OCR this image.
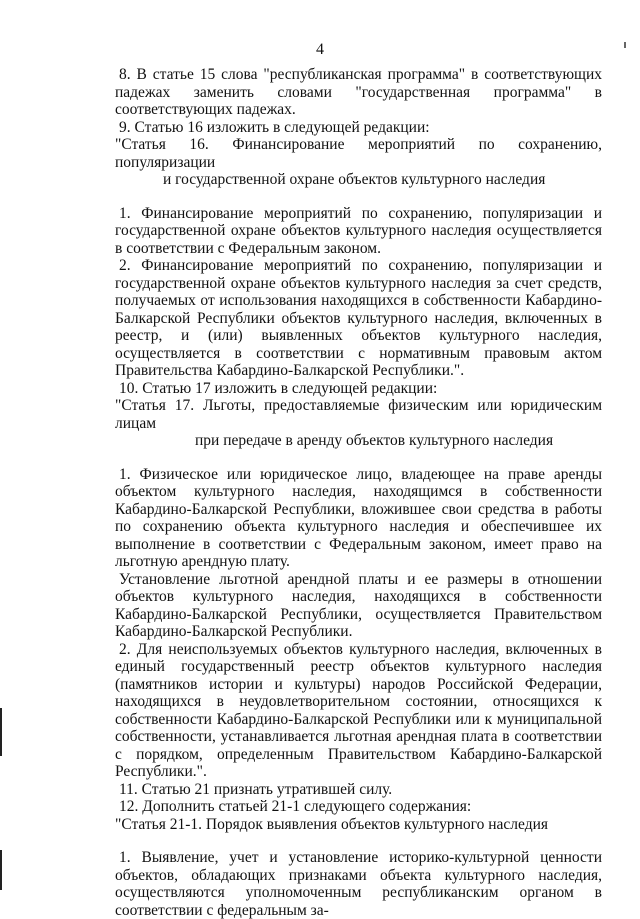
4

8. В статье 15 слова "республиканская программа" в соответствующих падежах заменить словами "государственная программа" в соответствующих падежах.

9. Статью 16 изложить в следующей редакции:

"Статья 16. Финансирование мероприятий по сохранению, популяризации
и государственной охране объектов культурного наследия

1. Финансирование мероприятий по сохранению, популяризации и государственной охране объектов культурного наследия осуществляется в соответствии с Федеральным законом.

2. Финансирование мероприятий по сохранению, популяризации и государственной охране объектов культурного наследия за счет средств, получаемых от использования находящихся в собственности Кабардино-Балкарской Республики объектов культурного наследия, включенных в реестр, и (или) выявленных объектов культурного наследия, осуществляется в соответствии с нормативным правовым актом Правительства Кабардино-Балкарской Республики.".

10. Статью 17 изложить в следующей редакции:

"Статья 17. Льготы, предоставляемые физическим или юридическим лицам
при передаче в аренду объектов культурного наследия

1. Физическое или юридическое лицо, владеющее на праве аренды объектом культурного наследия, находящимся в собственности Кабардино-Балкарской Республики, вложившее свои средства в работы по сохранению объекта культурного наследия и обеспечившее их выполнение в соответствии с Федеральным законом, имеет право на льготную арендную плату.

Установление льготной арендной платы и ее размеры в отношении объектов культурного наследия, находящихся в собственности Кабардино-Балкарской Республики, осуществляется Правительством Кабардино-Балкарской Республики.

2. Для неиспользуемых объектов культурного наследия, включенных в единый государственный реестр объектов культурного наследия (памятников истории и культуры) народов Российской Федерации, находящихся в неудовлетворительном состоянии, относящихся к собственности Кабардино-Балкарской Республики или к муниципальной собственности, устанавливается льготная арендная плата в соответствии с порядком, определенным Правительством Кабардино-Балкарской Республики.".

11. Статью 21 признать утратившей силу.

12. Дополнить статьей 21-1 следующего содержания:

"Статья 21-1. Порядок выявления объектов культурного наследия

1. Выявление, учет и установление историко-культурной ценности объектов, обладающих признаками объекта культурного наследия, осуществляются уполномоченным республиканским органом в соответствии с федеральным за-
